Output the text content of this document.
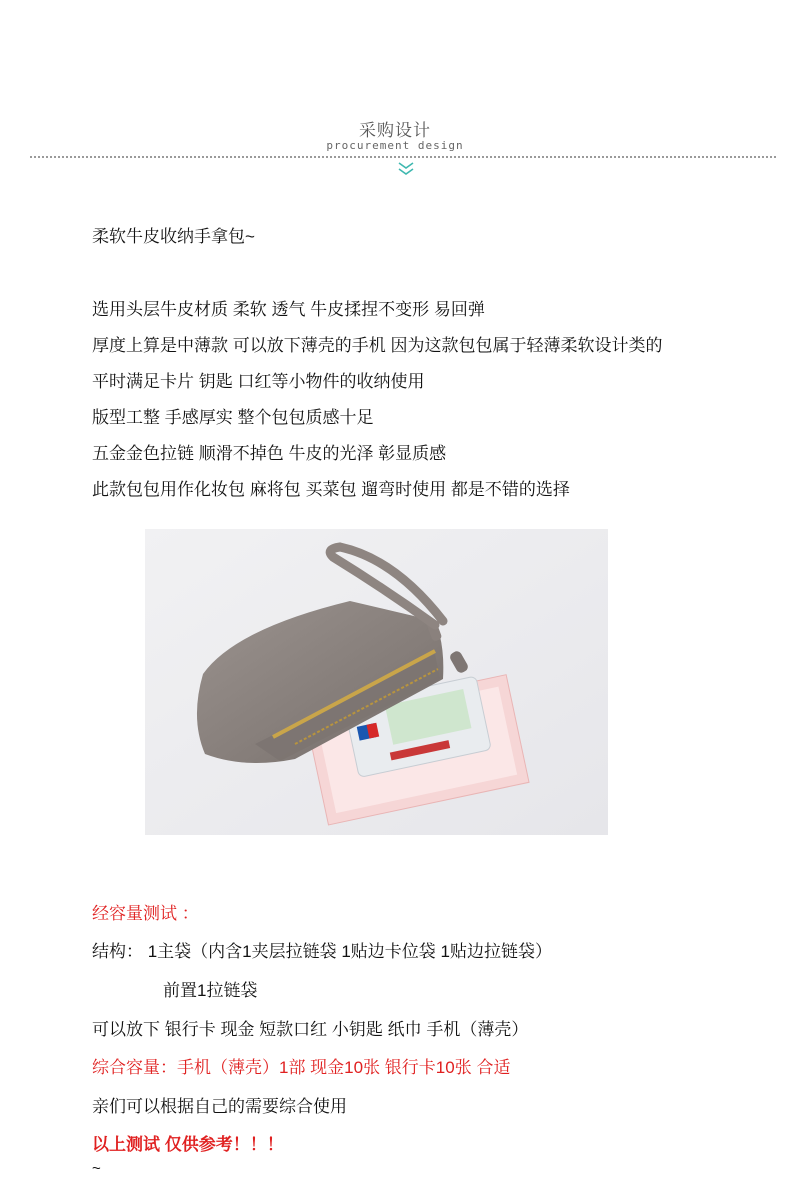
采购设计
procurement design
柔软牛皮收纳手拿包~
选用头层牛皮材质 柔软 透气 牛皮揉捏不变形 易回弹
厚度上算是中薄款 可以放下薄壳的手机 因为这款包包属于轻薄柔软设计类的
平时满足卡片 钥匙 口红等小物件的收纳使用
版型工整 手感厚实 整个包包质感十足
五金金色拉链 顺滑不掉色 牛皮的光泽 彰显质感
此款包包用作化妆包 麻将包 买菜包 遛弯时使用 都是不错的选择
经容量测试 ：
结构： 1主袋（内含1夹层拉链袋 1贴边卡位袋 1贴边拉链袋）
前置1拉链袋
可以放下 银行卡 现金 短款口红 小钥匙 纸巾 手机（薄壳）
综合容量：手机（薄壳）1部 现金10张 银行卡10张 合适
亲们可以根据自己的需要综合使用
以上测试 仅供参考！！！
~
